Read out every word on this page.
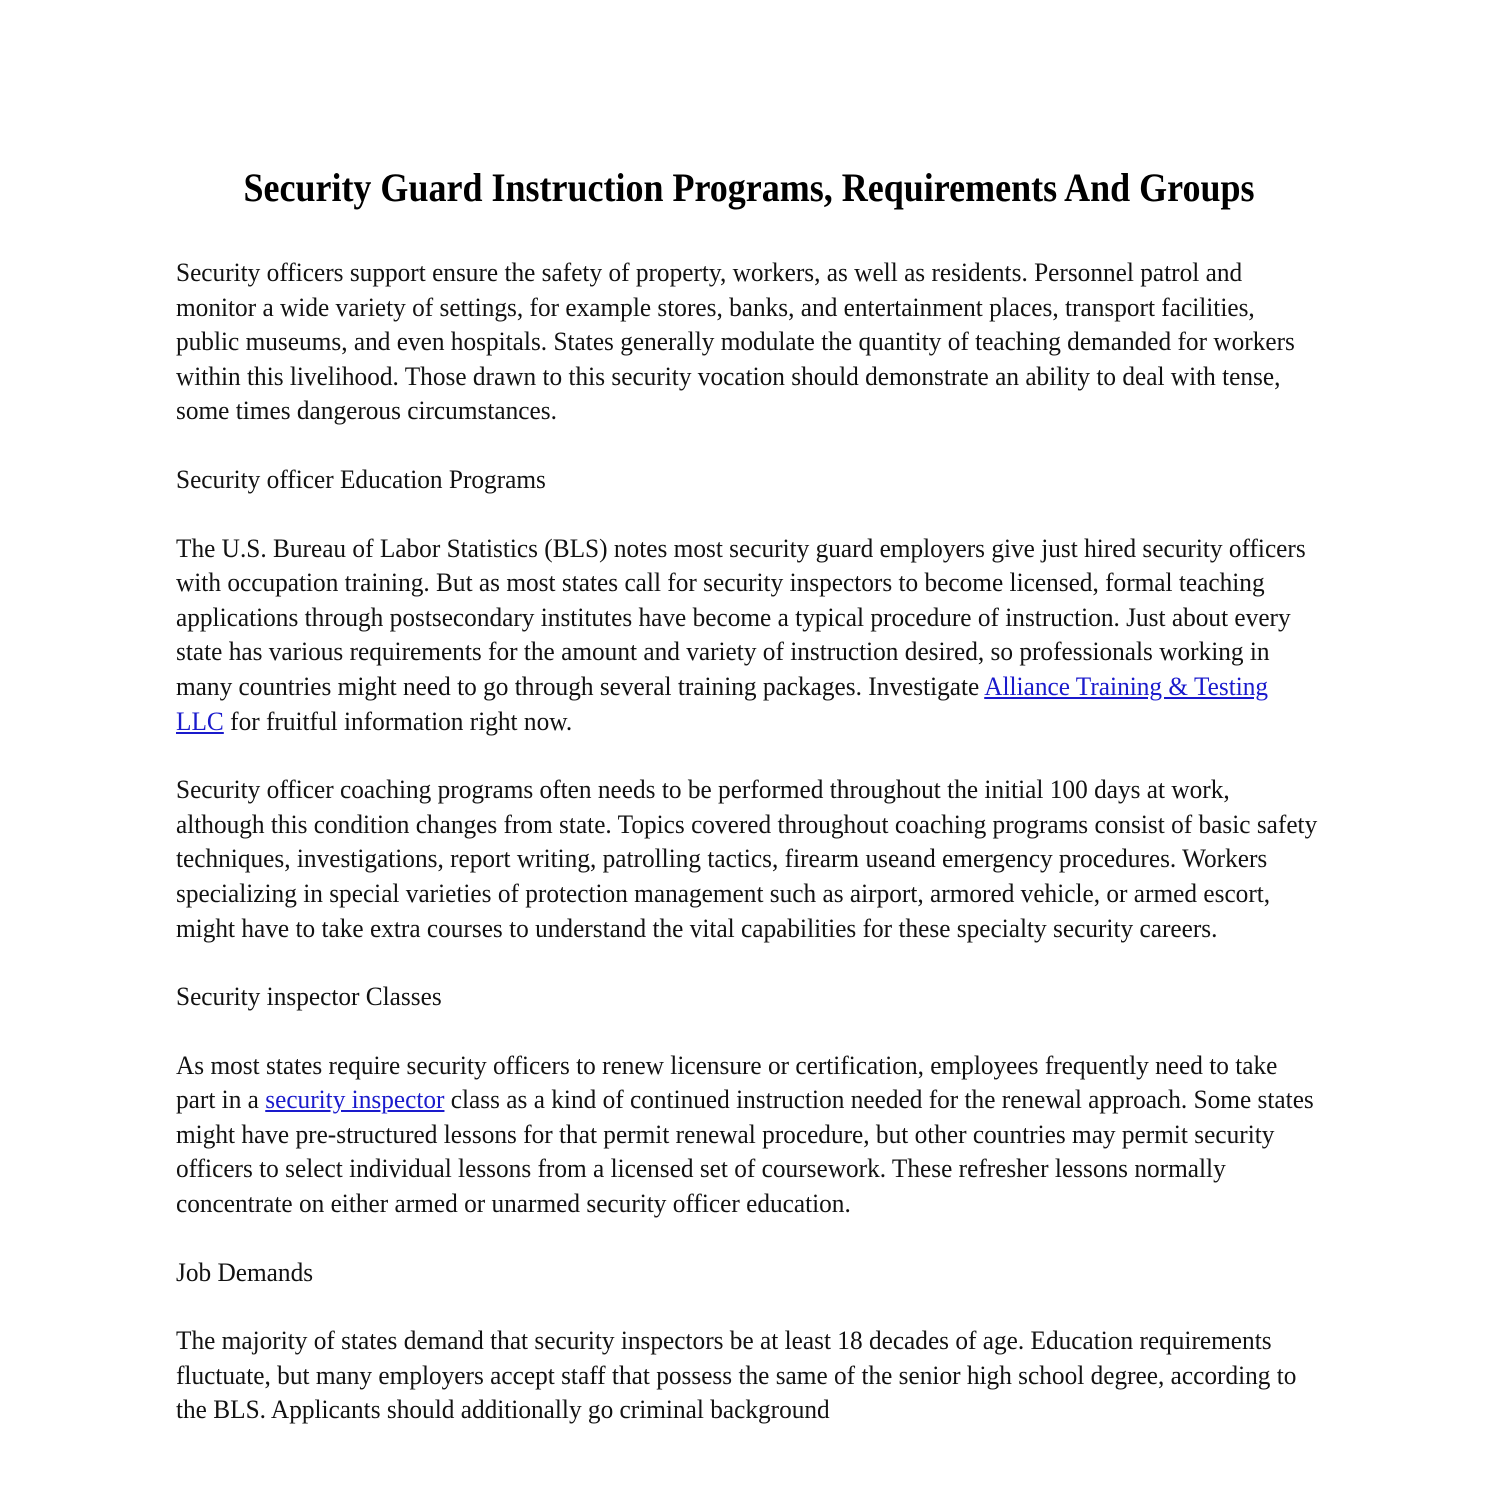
Security Guard Instruction Programs, Requirements And Groups

Security officers support ensure the safety of property, workers, as well as residents. Personnel patrol and monitor a wide variety of settings, for example stores, banks, and entertainment places, transport facilities, public museums, and even hospitals. States generally modulate the quantity of teaching demanded for workers within this livelihood. Those drawn to this security vocation should demonstrate an ability to deal with tense, some times dangerous circumstances.

Security officer Education Programs

The U.S. Bureau of Labor Statistics (BLS) notes most security guard employers give just hired security officers with occupation training. But as most states call for security inspectors to become licensed, formal teaching applications through postsecondary institutes have become a typical procedure of instruction. Just about every state has various requirements for the amount and variety of instruction desired, so professionals working in many countries might need to go through several training packages. Investigate Alliance Training & Testing LLC for fruitful information right now.

Security officer coaching programs often needs to be performed throughout the initial 100 days at work, although this condition changes from state. Topics covered throughout coaching programs consist of basic safety techniques, investigations, report writing, patrolling tactics, firearm useand emergency procedures. Workers specializing in special varieties of protection management such as airport, armored vehicle, or armed escort, might have to take extra courses to understand the vital capabilities for these specialty security careers.

Security inspector Classes

As most states require security officers to renew licensure or certification, employees frequently need to take part in a security inspector class as a kind of continued instruction needed for the renewal approach. Some states might have pre-structured lessons for that permit renewal procedure, but other countries may permit security officers to select individual lessons from a licensed set of coursework. These refresher lessons normally concentrate on either armed or unarmed security officer education.

Job Demands

The majority of states demand that security inspectors be at least 18 decades of age. Education requirements fluctuate, but many employers accept staff that possess the same of the senior high school degree, according to the BLS. Applicants should additionally go criminal background
